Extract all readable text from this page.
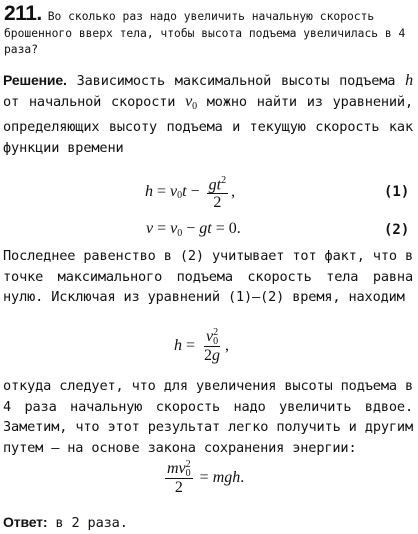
211. Во сколько раз надо увеличить начальную скорость брошенного вверх тела, чтобы высота подъема увеличилась в 4 раза?
Решение. Зависимость максимальной высоты подъема h от начальной скорости $v_0$ можно найти из уравнений, определяющих высоту подъема и текущую скорость как функции времени
h = v 0 $t - \frac{gt^2}{2}$ ,	(1)
v = v 0 − gt = 0.	(2)
Последнее равенство в (2) учитывает тот факт, что в точке максимального подъема скорость тела равна нулю. Исключая из уравнений (1)—(2) время, находим
h = v 2
0
2g ,
откуда следует, что для увеличения высоты подъема в 4 раза начальную скорость надо увеличить вдвое. Заметим, что этот результат легко получить и другим путем — на основе закона сохранения энергии:
mv 2
0
2 = mgh .
Ответ: в 2 раза.
